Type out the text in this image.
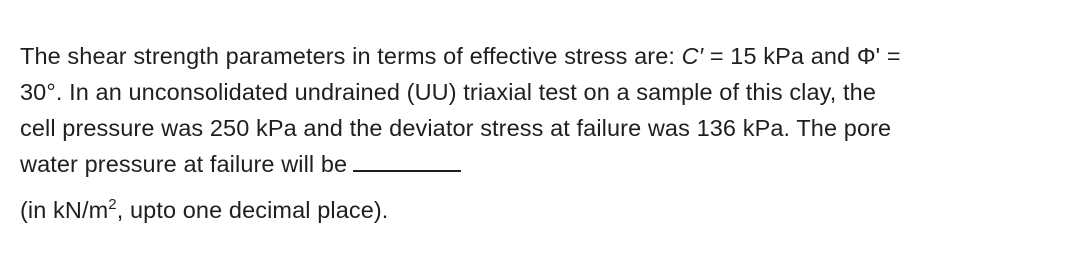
The shear strength parameters in terms of effective stress are: C′ = 15 kPa and Φ' =
30°. In an unconsolidated undrained (UU) triaxial test on a sample of this clay, the
cell pressure was 250 kPa and the deviator stress at failure was 136 kPa. The pore
water pressure at failure will be
(in $kN/m^2$, upto one decimal place).
